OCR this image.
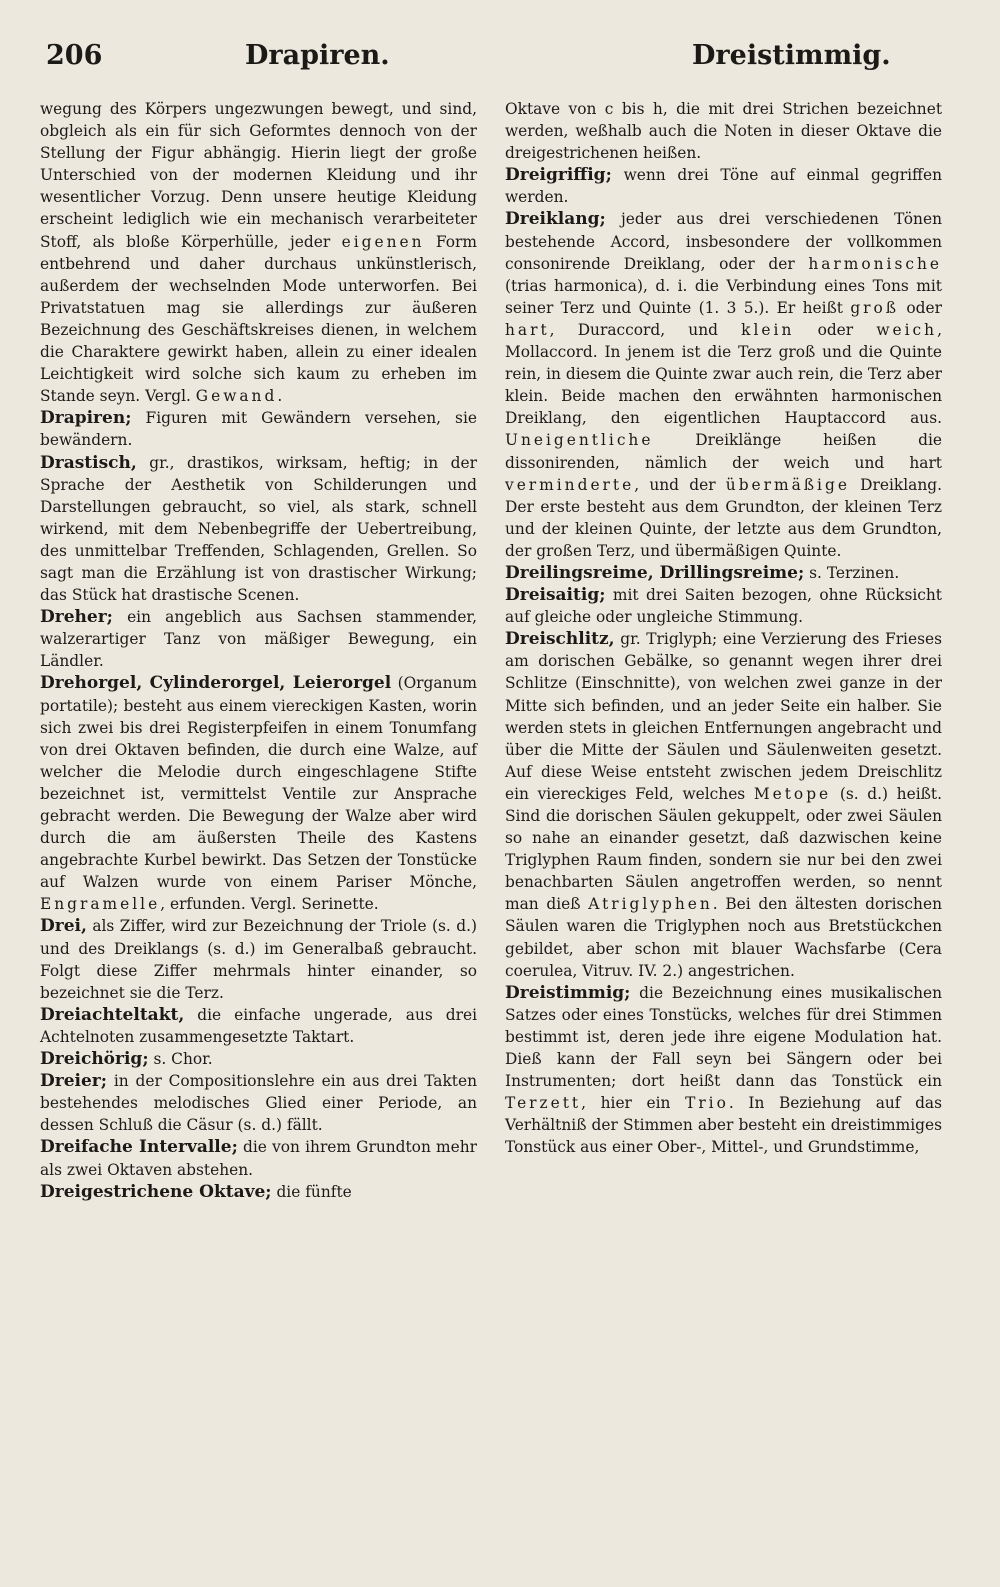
206	Drapiren.	Dreistimmig.

wegung des Körpers ungezwungen bewegt, und sind, obgleich als ein für sich Geformtes dennoch von der Stellung der Figur abhängig. Hierin liegt der große Unterschied von der modernen Kleidung und ihr wesentlicher Vorzug. Denn unsere heutige Kleidung erscheint lediglich wie ein mechanisch verarbeiteter Stoff, als bloße Körperhülle, jeder eigenen Form entbehrend und daher durchaus unkünstlerisch, außerdem der wechselnden Mode unterworfen. Bei Privatstatuen mag sie allerdings zur äußeren Bezeichnung des Geschäftskreises dienen, in welchem die Charaktere gewirkt haben, allein zu einer idealen Leichtigkeit wird solche sich kaum zu erheben im Stande seyn. Vergl. Gewand.

Drapiren; Figuren mit Gewändern versehen, sie bewändern.

Drastisch, gr., drastikos, wirksam, heftig; in der Sprache der Aesthetik von Schilderungen und Darstellungen gebraucht, so viel, als stark, schnell wirkend, mit dem Nebenbegriffe der Uebertreibung, des unmittelbar Treffenden, Schlagenden, Grellen. So sagt man die Erzählung ist von drastischer Wirkung; das Stück hat drastische Scenen.

Dreher; ein angeblich aus Sachsen stammender, walzerartiger Tanz von mäßiger Bewegung, ein Ländler.

Drehorgel, Cylinderorgel, Leierorgel (Organum portatile); besteht aus einem viereckigen Kasten, worin sich zwei bis drei Registerpfeifen in einem Tonumfang von drei Oktaven befinden, die durch eine Walze, auf welcher die Melodie durch eingeschlagene Stifte bezeichnet ist, vermittelst Ventile zur Ansprache gebracht werden. Die Bewegung der Walze aber wird durch die am äußersten Theile des Kastens angebrachte Kurbel bewirkt. Das Setzen der Tonstücke auf Walzen wurde von einem Pariser Mönche, Engramelle, erfunden. Vergl. Serinette.

Drei, als Ziffer, wird zur Bezeichnung der Triole (s. d.) und des Dreiklangs (s. d.) im Generalbaß gebraucht. Folgt diese Ziffer mehrmals hinter einander, so bezeichnet sie die Terz.

Dreiachteltakt, die einfache ungerade, aus drei Achtelnoten zusammengesetzte Taktart.

Dreichörig; s. Chor.

Dreier; in der Compositionslehre ein aus drei Takten bestehendes melodisches Glied einer Periode, an dessen Schluß die Cäsur (s. d.) fällt.

Dreifache Intervalle; die von ihrem Grundton mehr als zwei Oktaven abstehen.

Dreigestrichene Oktave; die fünfte

Oktave von c bis h, die mit drei Strichen bezeichnet werden, weßhalb auch die Noten in dieser Oktave die dreigestrichenen heißen.

Dreigriffig; wenn drei Töne auf einmal gegriffen werden.

Dreiklang; jeder aus drei verschiedenen Tönen bestehende Accord, insbesondere der vollkommen consonirende Dreiklang, oder der harmonische (trias harmonica), d. i. die Verbindung eines Tons mit seiner Terz und Quinte (1. 3 5.). Er heißt groß oder hart, Duraccord, und klein oder weich, Mollaccord. In jenem ist die Terz groß und die Quinte rein, in diesem die Quinte zwar auch rein, die Terz aber klein. Beide machen den erwähnten harmonischen Dreiklang, den eigentlichen Hauptaccord aus. Uneigentliche Dreiklänge heißen die dissonirenden, nämlich der weich und hart verminderte, und der übermäßige Dreiklang. Der erste besteht aus dem Grundton, der kleinen Terz und der kleinen Quinte, der letzte aus dem Grundton, der großen Terz, und übermäßigen Quinte.

Dreilingsreime, Drillingsreime; s. Terzinen.

Dreisaitig; mit drei Saiten bezogen, ohne Rücksicht auf gleiche oder ungleiche Stimmung.

Dreischlitz, gr. Triglyph; eine Verzierung des Frieses am dorischen Gebälke, so genannt wegen ihrer drei Schlitze (Einschnitte), von welchen zwei ganze in der Mitte sich befinden, und an jeder Seite ein halber. Sie werden stets in gleichen Entfernungen angebracht und über die Mitte der Säulen und Säulenweiten gesetzt. Auf diese Weise entsteht zwischen jedem Dreischlitz ein viereckiges Feld, welches Metope (s. d.) heißt. Sind die dorischen Säulen gekuppelt, oder zwei Säulen so nahe an einander gesetzt, daß dazwischen keine Triglyphen Raum finden, sondern sie nur bei den zwei benachbarten Säulen angetroffen werden, so nennt man dieß Atriglyphen. Bei den ältesten dorischen Säulen waren die Triglyphen noch aus Bretstückchen gebildet, aber schon mit blauer Wachsfarbe (Cera coerulea, Vitruv. IV. 2.) angestrichen.

Dreistimmig; die Bezeichnung eines musikalischen Satzes oder eines Tonstücks, welches für drei Stimmen bestimmt ist, deren jede ihre eigene Modulation hat. Dieß kann der Fall seyn bei Sängern oder bei Instrumenten; dort heißt dann das Tonstück ein Terzett, hier ein Trio. In Beziehung auf das Verhältniß der Stimmen aber besteht ein dreistimmiges Tonstück aus einer Ober-, Mittel-, und Grundstimme,
